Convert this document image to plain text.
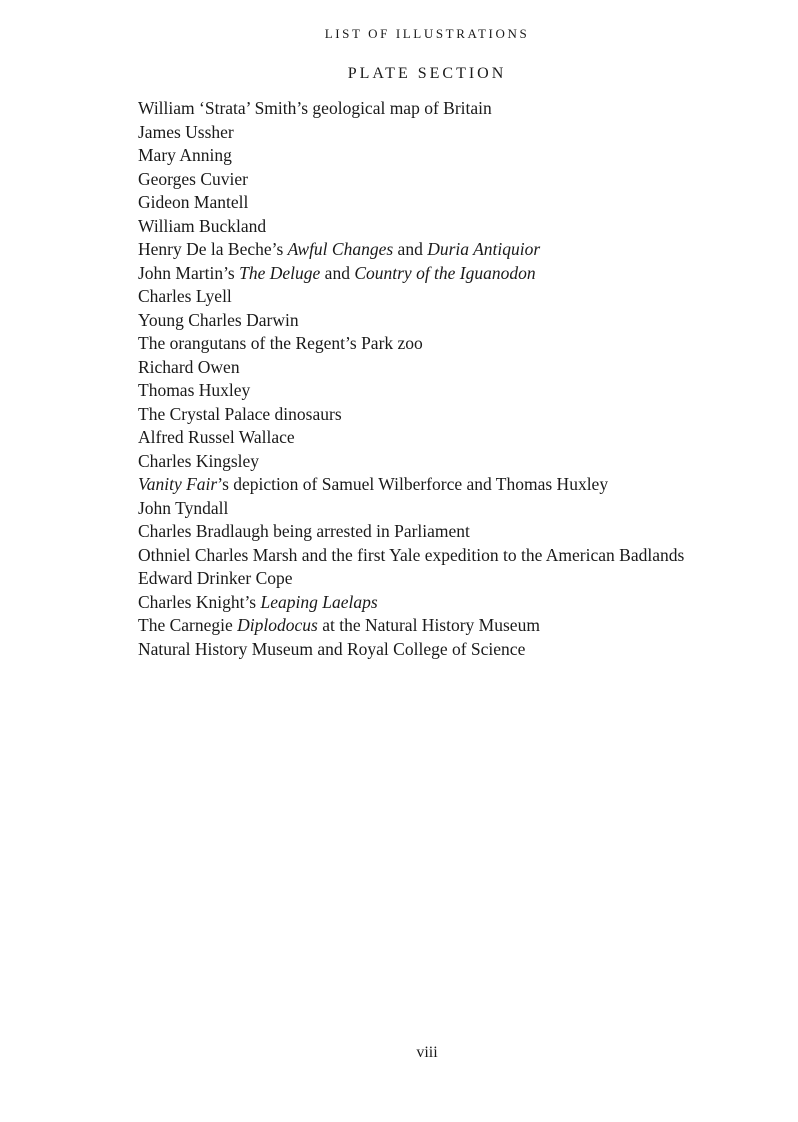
LIST OF ILLUSTRATIONS
PLATE SECTION
William ‘Strata’ Smith’s geological map of Britain
James Ussher
Mary Anning
Georges Cuvier
Gideon Mantell
William Buckland
Henry De la Beche’s Awful Changes and Duria Antiquior
John Martin’s The Deluge and Country of the Iguanodon
Charles Lyell
Young Charles Darwin
The orangutans of the Regent’s Park zoo
Richard Owen
Thomas Huxley
The Crystal Palace dinosaurs
Alfred Russel Wallace
Charles Kingsley
Vanity Fair’s depiction of Samuel Wilberforce and Thomas Huxley
John Tyndall
Charles Bradlaugh being arrested in Parliament
Othniel Charles Marsh and the first Yale expedition to the American Badlands
Edward Drinker Cope
Charles Knight’s Leaping Laelaps
The Carnegie Diplodocus at the Natural History Museum
Natural History Museum and Royal College of Science
viii
